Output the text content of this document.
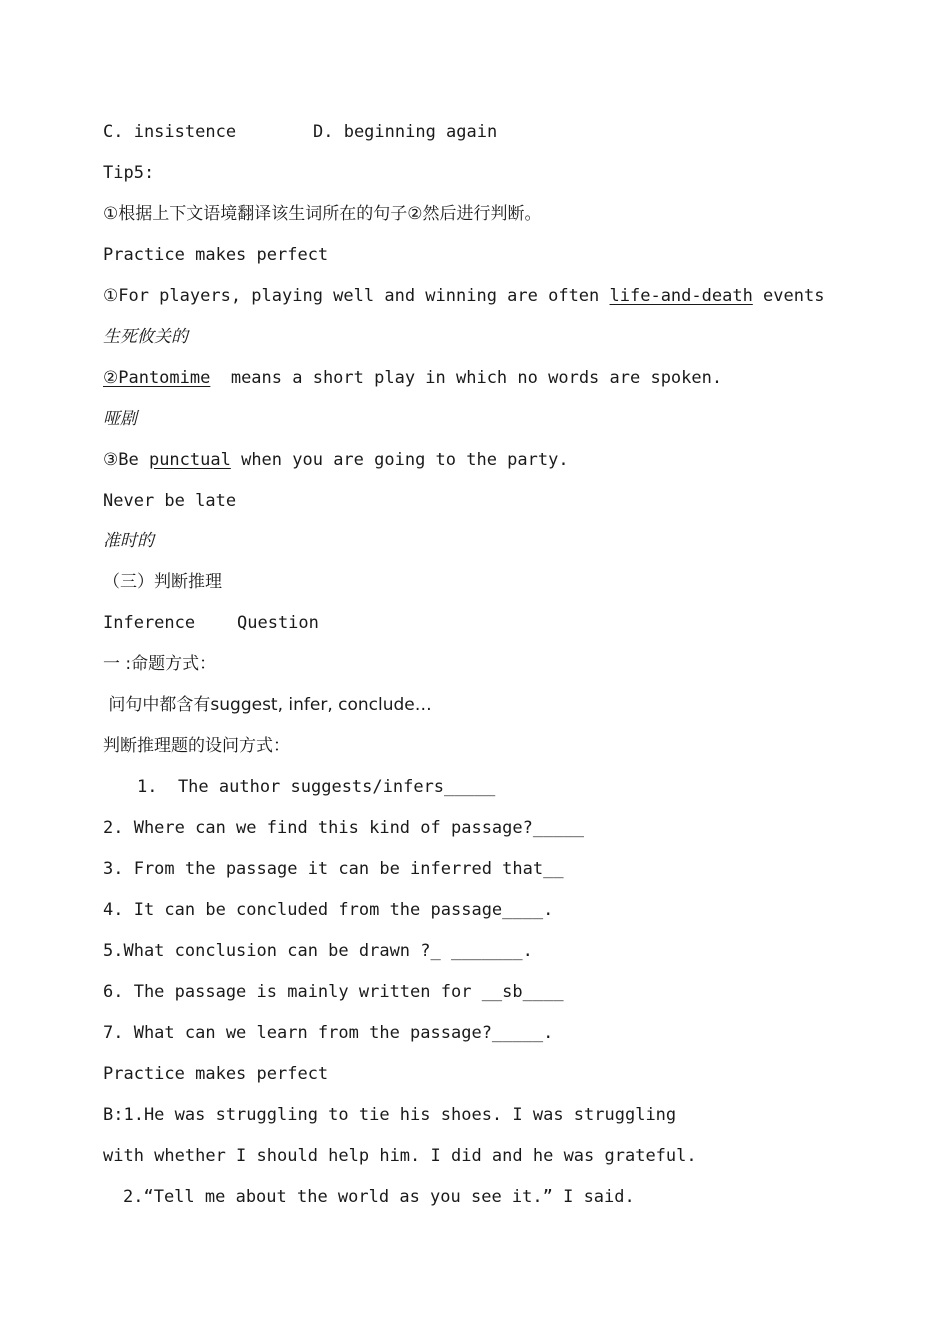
C. insistence	D. beginning again
Tip5:
①根据上下文语境翻译该生词所在的句子②然后进行判断。
Practice makes perfect
①For players, playing well and winning are often life-and-death events
生死攸关的
②Pantomime  means a short play in which no words are spoken.
哑剧
③Be punctual when you are going to the party.
Never be late
准时的
（三）判断推理
Inference Question
一 :命题方式：
问句中都含有suggest, infer, conclude…
判断推理题的设问方式：
1.  The author suggests/infers_____
2. Where can we find this kind of passage?_____
3. From the passage it can be inferred that__
4. It can be concluded from the passage____.
5.What conclusion can be drawn ?_ _______.
6. The passage is mainly written for __sb____
7. What can we learn from the passage?_____.
Practice makes perfect
B:1.He was struggling to tie his shoes. I was struggling
with whether I should help him. I did and he was grateful.
2.“Tell me about the world as you see it.” I said.
